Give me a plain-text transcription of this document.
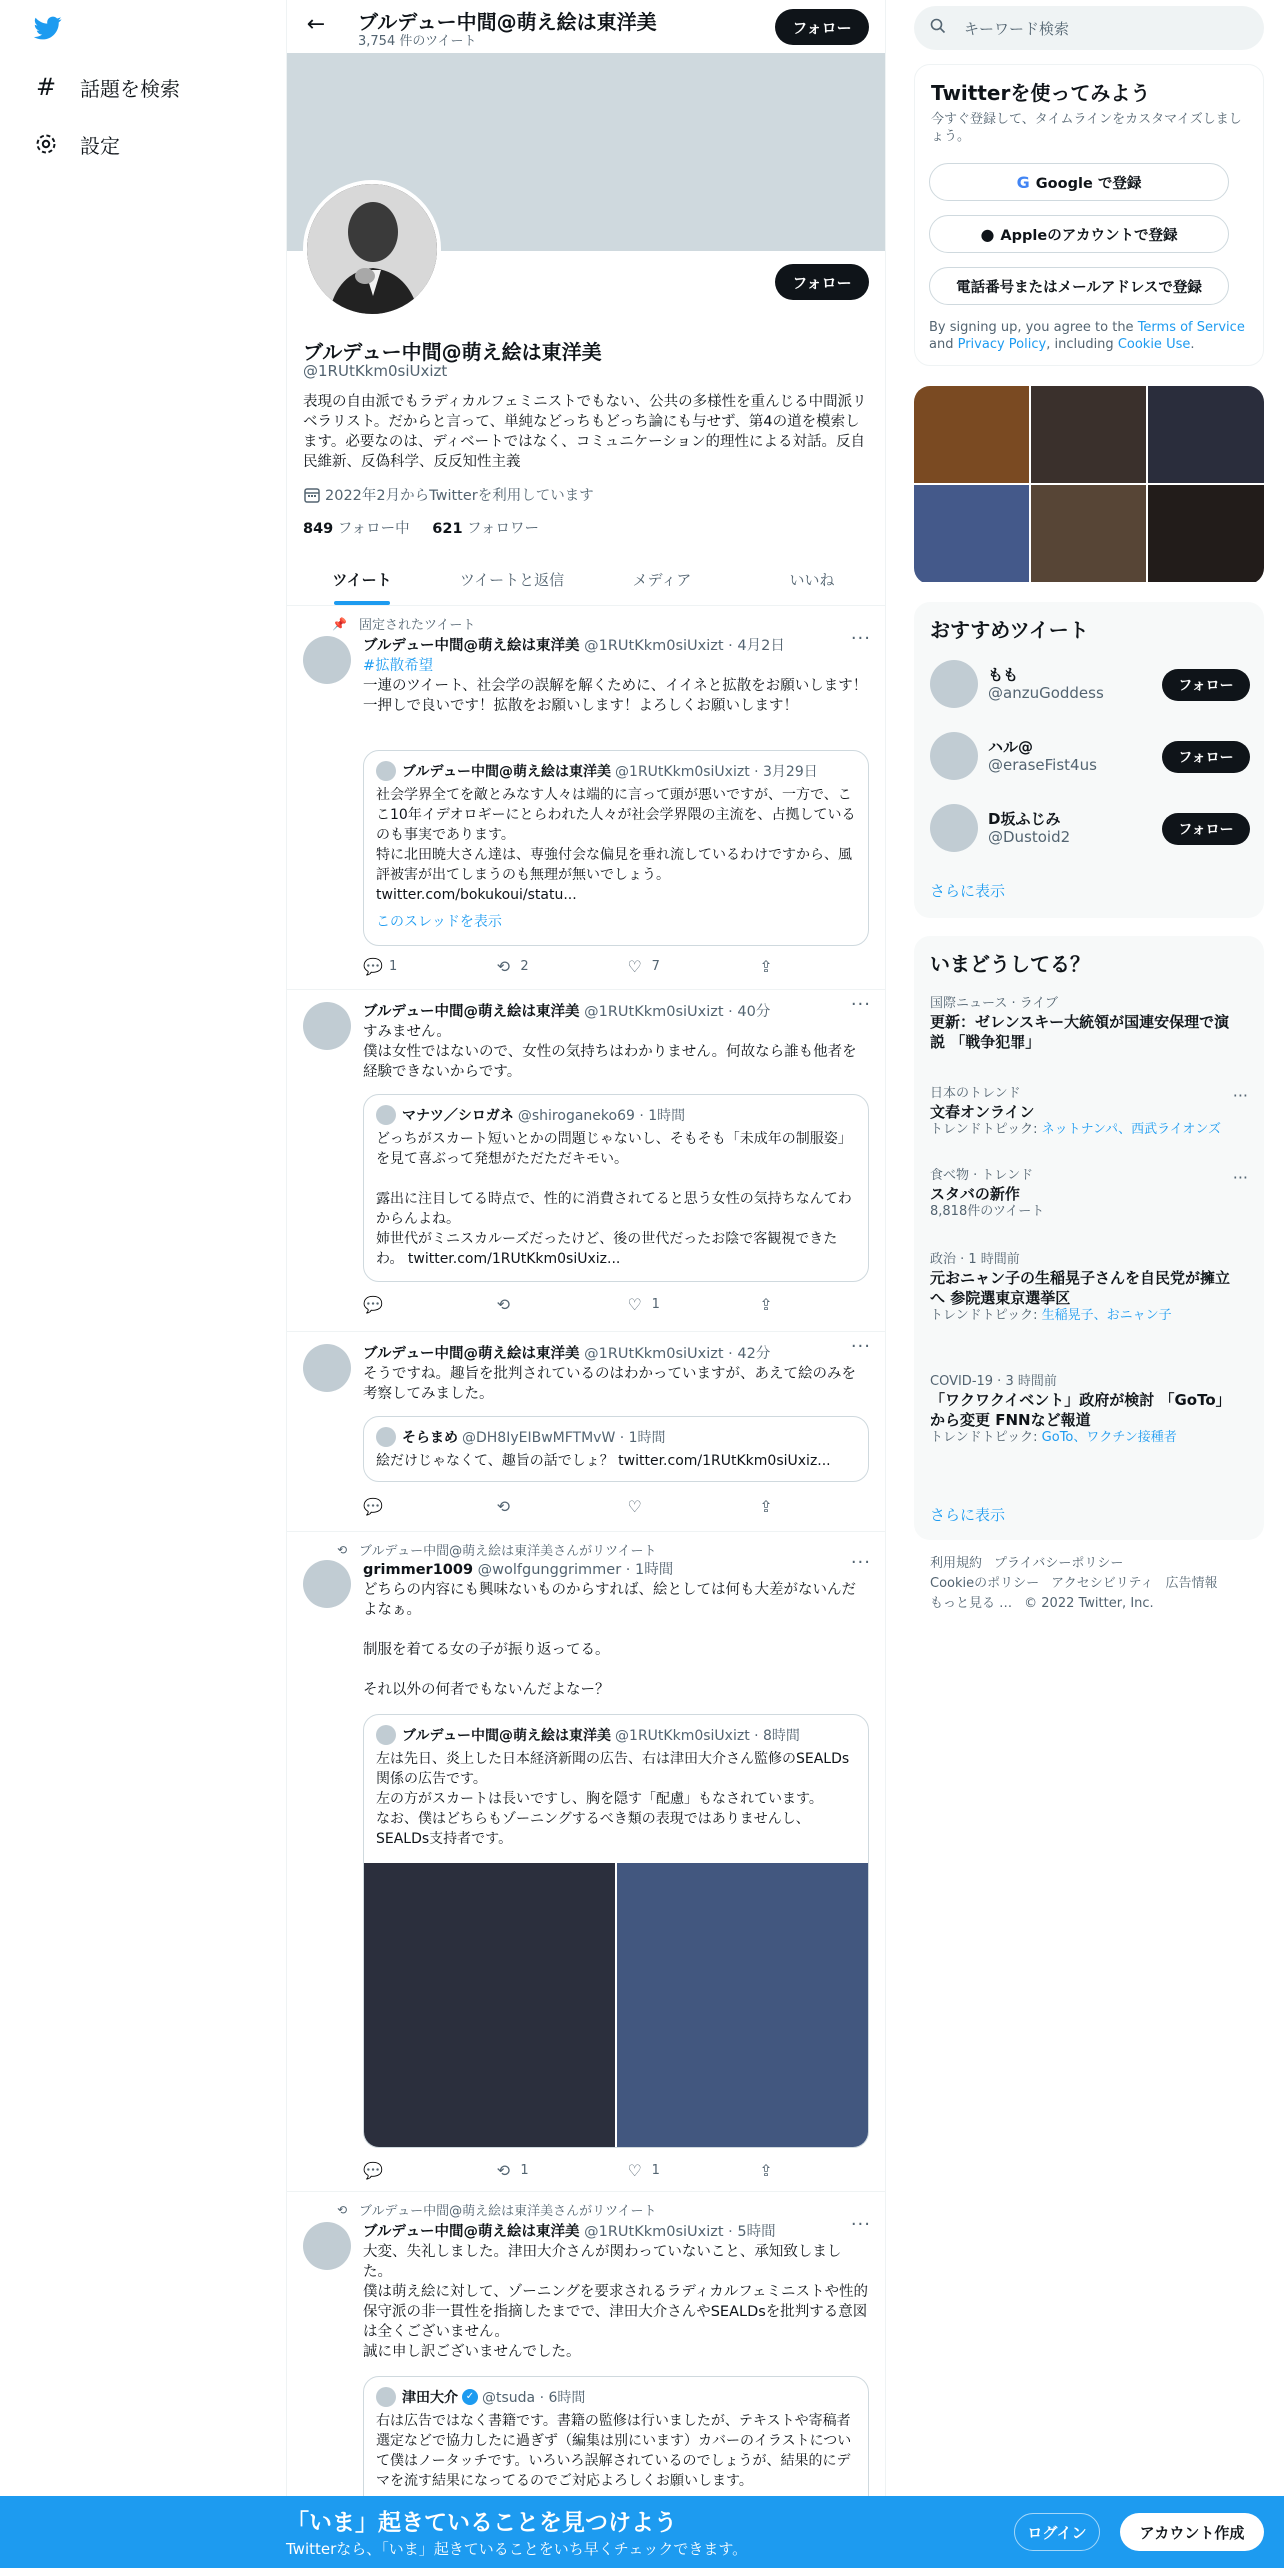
# 話題を検索
設定
← ブルデュー中間@萌え絵は東洋美
3,754 件のツイート
フォロー
フォロー
ブルデュー中間@萌え絵は東洋美
@1RUtKkm0siUxizt
表現の自由派でもラディカルフェミニストでもない、公共の多様性を重んじる中間派リベラリスト。だからと言って、単純などっちもどっち論にも与せず、第4の道を模索します。必要なのは、ディベートではなく、コミュニケーション的理性による対話。反自民維新、反偽科学、反反知性主義
2022年2月からTwitterを利用しています
849 フォロー中 621 フォロワー
ツイート	ツイートと返信	メディア	いいね
📌 固定されたツイート
ブルデュー中間@萌え絵は東洋美 @1RUtKkm0siUxizt · 4月2日	···
#拡散希望
一連のツイート、社会学の誤解を解くために、イイネと拡散をお願いします！
一押しで良いです！拡散をお願いします！よろしくお願いします！
ブルデュー中間@萌え絵は東洋美 @1RUtKkm0siUxizt · 3月29日
社会学界全てを敵とみなす人々は端的に言って頭が悪いですが、一方で、ここ10年イデオロギーにとらわれた人々が社会学界隈の主流を、占拠しているのも事実であります。
特に北田暁大さん達は、専強付会な偏見を垂れ流しているわけですから、風評被害が出てしまうのも無理が無いでしょう。
twitter.com/bokukoui/statu...
このスレッドを表示
💬 1	⟲ 2	♡ 7	⇪
ブルデュー中間@萌え絵は東洋美 @1RUtKkm0siUxizt · 40分	···
すみません。
僕は女性ではないので、女性の気持ちはわかりません。何故なら誰も他者を経験できないからです。
マナツ／シロガネ @shiroganeko69 · 1時間
どっちがスカート短いとかの問題じゃないし、そもそも「未成年の制服姿」を見て喜ぶって発想がただただキモい。

露出に注目してる時点で、性的に消費されてると思う女性の気持ちなんてわからんよね。
姉世代がミニスカルーズだったけど、後の世代だったお陰で客観視できたわ。 twitter.com/1RUtKkm0siUxiz...
💬	⟲	♡ 1	⇪
ブルデュー中間@萌え絵は東洋美 @1RUtKkm0siUxizt · 42分	···
そうですね。趣旨を批判されているのはわかっていますが、あえて絵のみを考察してみました。
そらまめ @DH8IyEIBwMFTMvW · 1時間
絵だけじゃなくて、趣旨の話でしょ？ twitter.com/1RUtKkm0siUxiz...
💬	⟲	♡	⇪
⟲ ブルデュー中間@萌え絵は東洋美さんがリツイート
grimmer1009 @wolfgunggrimmer · 1時間	···
どちらの内容にも興味ないものからすれば、絵としては何も大差がないんだよなぁ。

制服を着てる女の子が振り返ってる。

それ以外の何者でもないんだよなー？
ブルデュー中間@萌え絵は東洋美 @1RUtKkm0siUxizt · 8時間
左は先日、炎上した日本経済新聞の広告、右は津田大介さん監修のSEALDs関係の広告です。
左の方がスカートは長いですし、胸を隠す「配慮」もなされています。
なお、僕はどちらもゾーニングするべき類の表現ではありませんし、SEALDs支持者です。
💬	⟲ 1	♡ 1	⇪
⟲ ブルデュー中間@萌え絵は東洋美さんがリツイート
ブルデュー中間@萌え絵は東洋美 @1RUtKkm0siUxizt · 5時間	···
大変、失礼しました。津田大介さんが関わっていないこと、承知致しました。
僕は萌え絵に対して、ゾーニングを要求されるラディカルフェミニストや性的保守派の非一貫性を指摘したまでで、津田大介さんやSEALDsを批判する意図は全くございません。
誠に申し訳ございませんでした。
津田大介 ✓ @tsuda · 6時間
右は広告ではなく書籍です。書籍の監修は行いましたが、テキストや寄稿者選定などで協力したに過ぎず（編集は別にいます）カバーのイラストについて僕はノータッチです。いろいろ誤解されているのでしょうが、結果的にデマを流す結果になってるのでご対応よろしくお願いします。
キーワード検索
Twitterを使ってみよう
今すぐ登録して、タイムラインをカスタマイズしましょう。
G Google で登録
● Appleのアカウントで登録
電話番号またはメールアドレスで登録
By signing up, you agree to the Terms of Service and Privacy Policy, including Cookie Use.
おすすめツイート
もも
@anzuGoddess	フォロー
ハル@
@eraseFist4us	フォロー
D坂ふじみ
@Dustoid2	フォロー
さらに表示
いまどうしてる？
国際ニュース · ライブ
更新：ゼレンスキー大統領が国連安保理で演説 「戦争犯罪」
日本のトレンド
文春オンライン
トレンドトピック: ネットナンパ、西武ライオンズ
···
食べ物 · トレンド
スタバの新作
8,818件のツイート
···
政治 · 1 時間前
元おニャン子の生稲晃子さんを自民党が擁立へ 参院選東京選挙区
トレンドトピック: 生稲晃子、おニャン子
COVID-19 · 3 時間前
「ワクワクイベント」政府が検討 「GoTo」から変更 FNNなど報道
トレンドトピック: GoTo、ワクチン接種者
さらに表示
利用規約 プライバシーポリシー
Cookieのポリシー アクセシビリティ 広告情報
もっと見る … © 2022 Twitter, Inc.
「いま」起きていることを見つけよう
Twitterなら、「いま」起きていることをいち早くチェックできます。
ログイン	アカウント作成
